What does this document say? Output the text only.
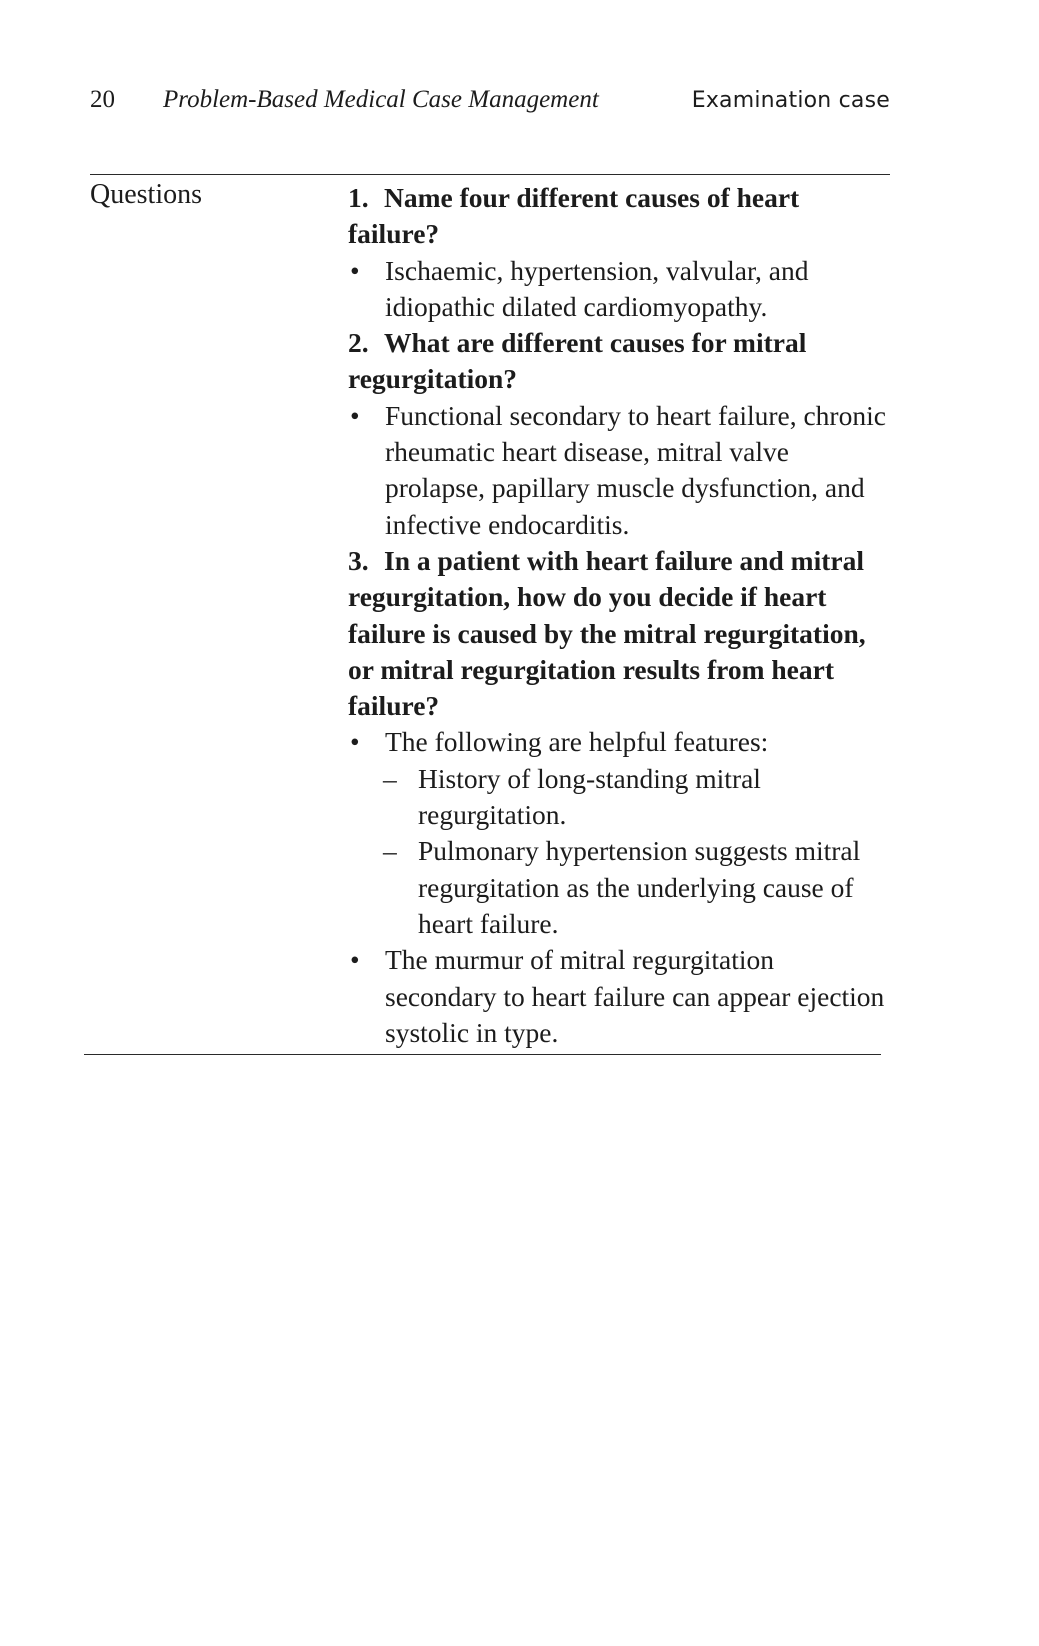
20 Problem-Based Medical Case Management	Examination case
Questions	1. Name four different causes of heart failure?

• Ischaemic, hypertension, valvular, and idiopathic dilated cardiomyopathy.

2. What are different causes for mitral regurgitation?

• Functional secondary to heart failure, chronic rheumatic heart disease, mitral valve prolapse, papillary muscle dysfunction, and infective endocarditis.

3. In a patient with heart failure and mitral regurgitation, how do you decide if heart failure is caused by the mitral regurgitation, or mitral regurgitation results from heart failure?

• The following are helpful features:

– History of long-standing mitral regurgitation.

– Pulmonary hypertension suggests mitral regurgitation as the underlying cause of heart failure.

• The murmur of mitral regurgitation secondary to heart failure can appear ejection systolic in type.
